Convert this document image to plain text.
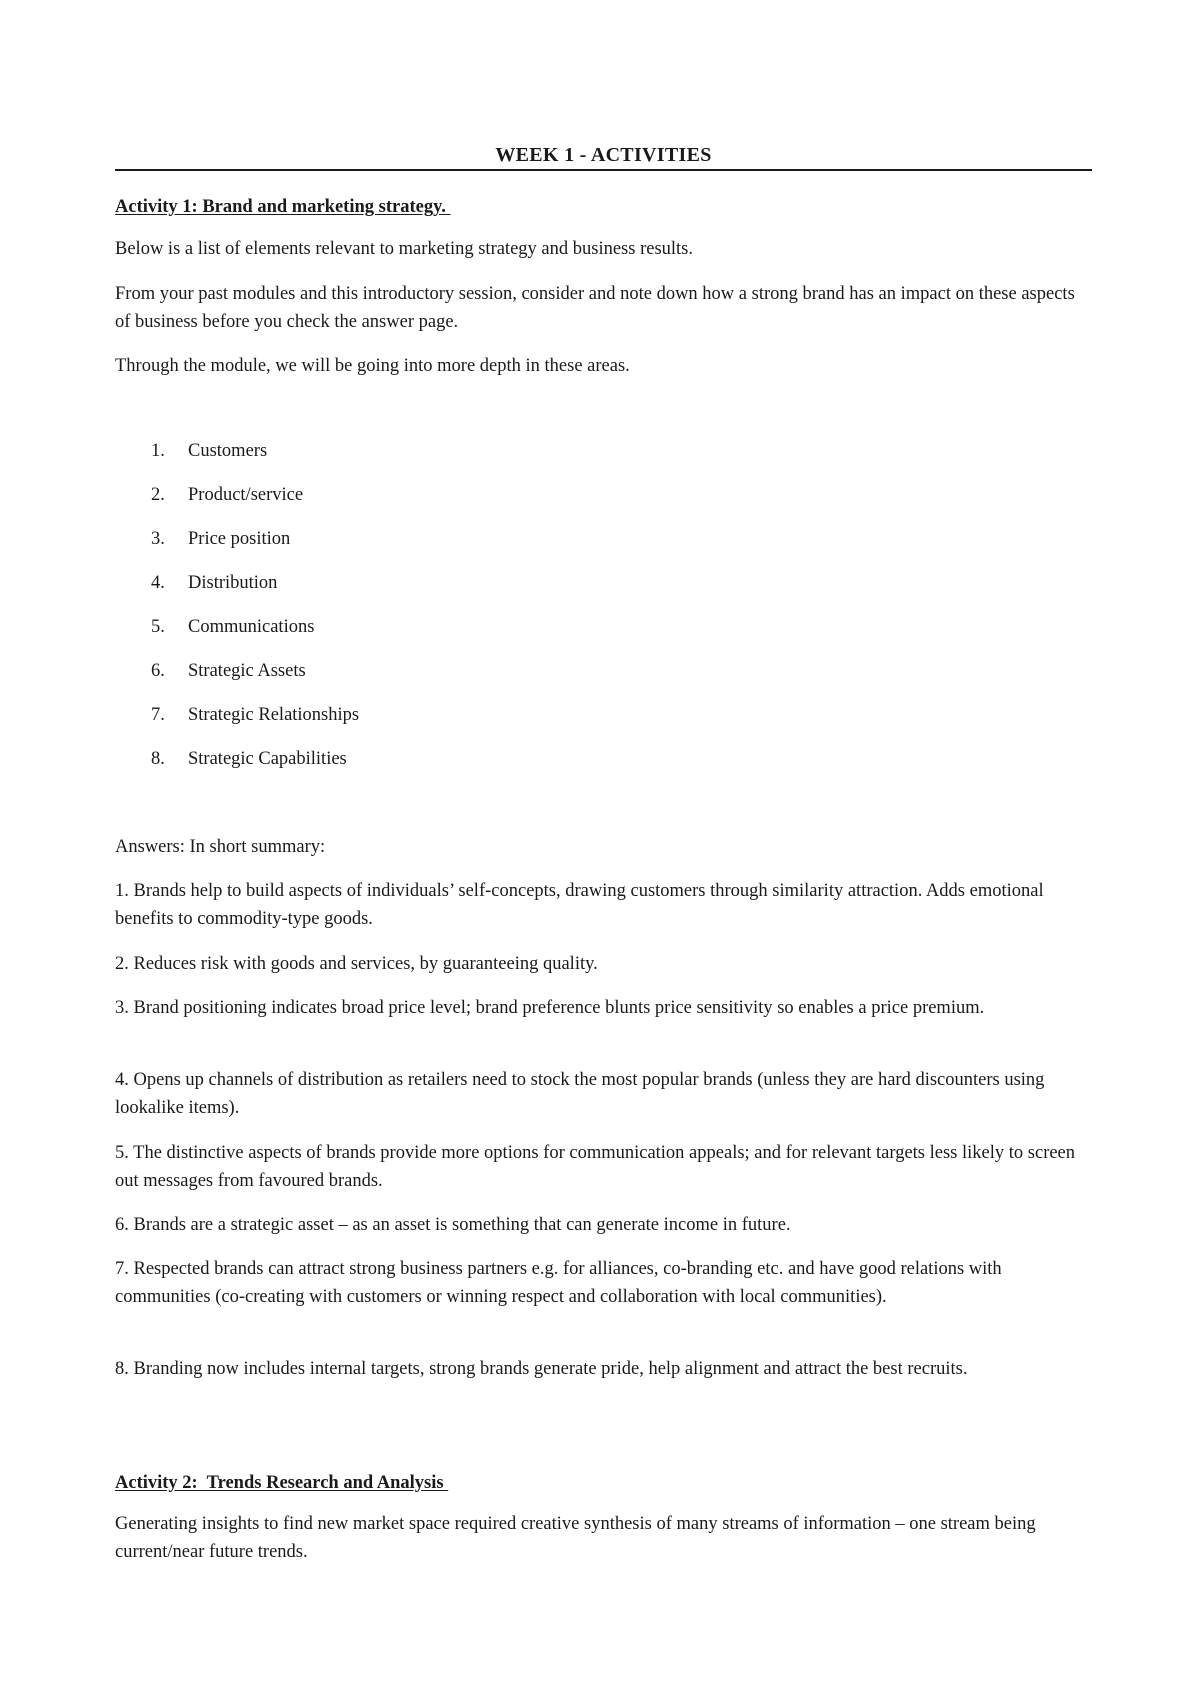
WEEK 1 - ACTIVITIES
Activity 1: Brand and marketing strategy.

Below is a list of elements relevant to marketing strategy and business results.

From your past modules and this introductory session, consider and note down how a strong brand has an impact on these aspects of business before you check the answer page.

Through the module, we will be going into more depth in these areas.

1.	Customers
2.	Product/service
3.	Price position
4.	Distribution
5.	Communications
6.	Strategic Assets
7.	Strategic Relationships
8.	Strategic Capabilities

Answers: In short summary:

1. Brands help to build aspects of individuals’ self-concepts, drawing customers through similarity attraction. Adds emotional benefits to commodity-type goods.

2. Reduces risk with goods and services, by guaranteeing quality.

3. Brand positioning indicates broad price level; brand preference blunts price sensitivity so enables a price premium.

4. Opens up channels of distribution as retailers need to stock the most popular brands (unless they are hard discounters using lookalike items).

5. The distinctive aspects of brands provide more options for communication appeals; and for relevant targets less likely to screen out messages from favoured brands.

6. Brands are a strategic asset – as an asset is something that can generate income in future.

7. Respected brands can attract strong business partners e.g. for alliances, co-branding etc. and have good relations with communities (co-creating with customers or winning respect and collaboration with local communities).

8. Branding now includes internal targets, strong brands generate pride, help alignment and attract the best recruits.

Activity 2:  Trends Research and Analysis

Generating insights to find new market space required creative synthesis of many streams of information – one stream being current/near future trends.
